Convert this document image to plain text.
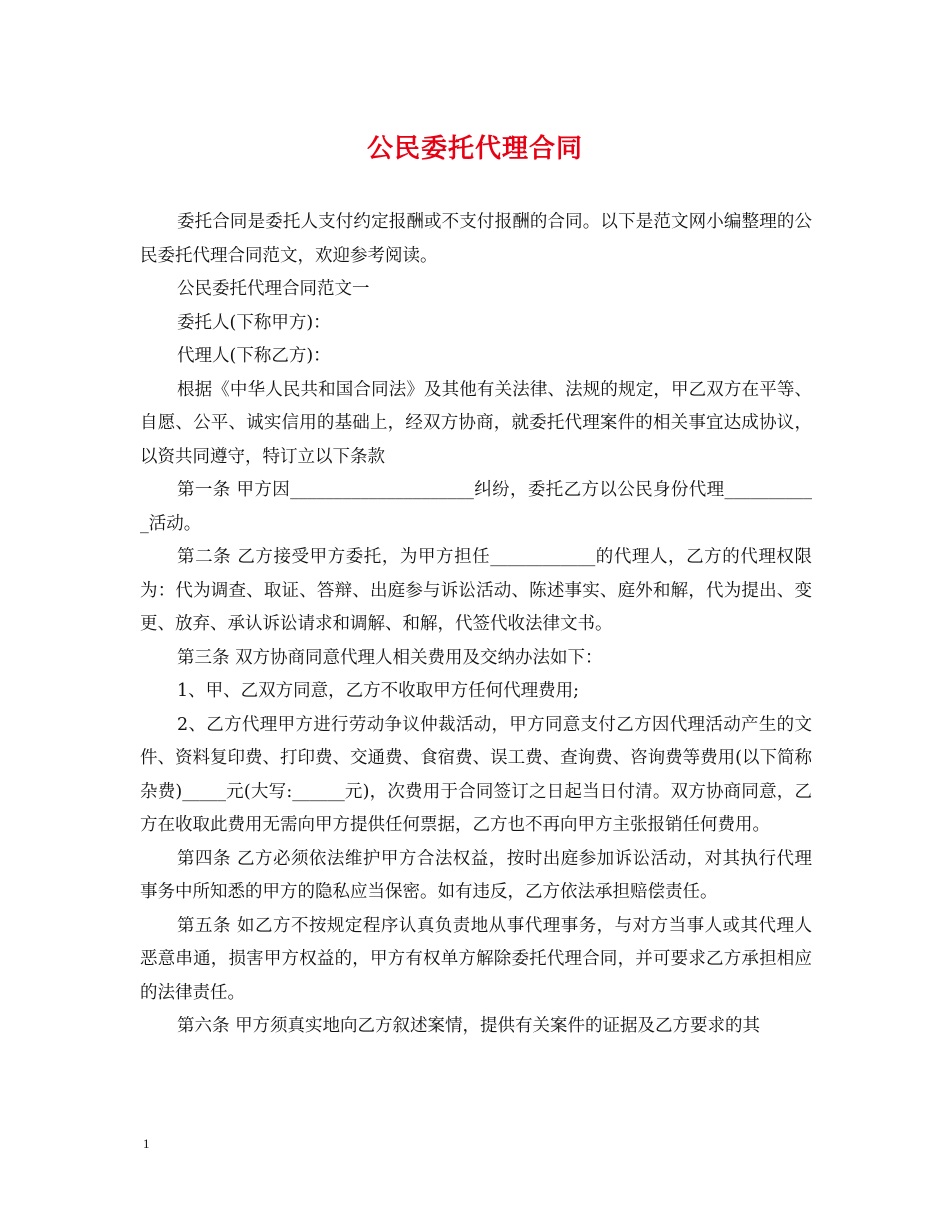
公民委托代理合同

委托合同是委托人支付约定报酬或不支付报酬的合同。以下是范文网小编整理的公民委托代理合同范文，欢迎参考阅读。

公民委托代理合同范文一

委托人(下称甲方)：

代理人(下称乙方)：

根据《中华人民共和国合同法》及其他有关法律、法规的规定，甲乙双方在平等、自愿、公平、诚实信用的基础上，经双方协商，就委托代理案件的相关事宜达成协议，以资共同遵守，特订立以下条款

第一条 甲方因_____________________纠纷，委托乙方以公民身份代理___________活动。

第二条 乙方接受甲方委托，为甲方担任____________的代理人，乙方的代理权限为：代为调查、取证、答辩、出庭参与诉讼活动、陈述事实、庭外和解，代为提出、变更、放弃、承认诉讼请求和调解、和解，代签代收法律文书。

第三条 双方协商同意代理人相关费用及交纳办法如下：

1、甲、乙双方同意，乙方不收取甲方任何代理费用;

2、乙方代理甲方进行劳动争议仲裁活动，甲方同意支付乙方因代理活动产生的文件、资料复印费、打印费、交通费、食宿费、误工费、查询费、咨询费等费用(以下简称杂费)_____元(大写:______元)，次费用于合同签订之日起当日付清。双方协商同意，乙方在收取此费用无需向甲方提供任何票据，乙方也不再向甲方主张报销任何费用。

第四条 乙方必须依法维护甲方合法权益，按时出庭参加诉讼活动，对其执行代理事务中所知悉的甲方的隐私应当保密。如有违反，乙方依法承担赔偿责任。

第五条 如乙方不按规定程序认真负责地从事代理事务，与对方当事人或其代理人恶意串通，损害甲方权益的，甲方有权单方解除委托代理合同，并可要求乙方承担相应的法律责任。

第六条 甲方须真实地向乙方叙述案情，提供有关案件的证据及乙方要求的其

1
